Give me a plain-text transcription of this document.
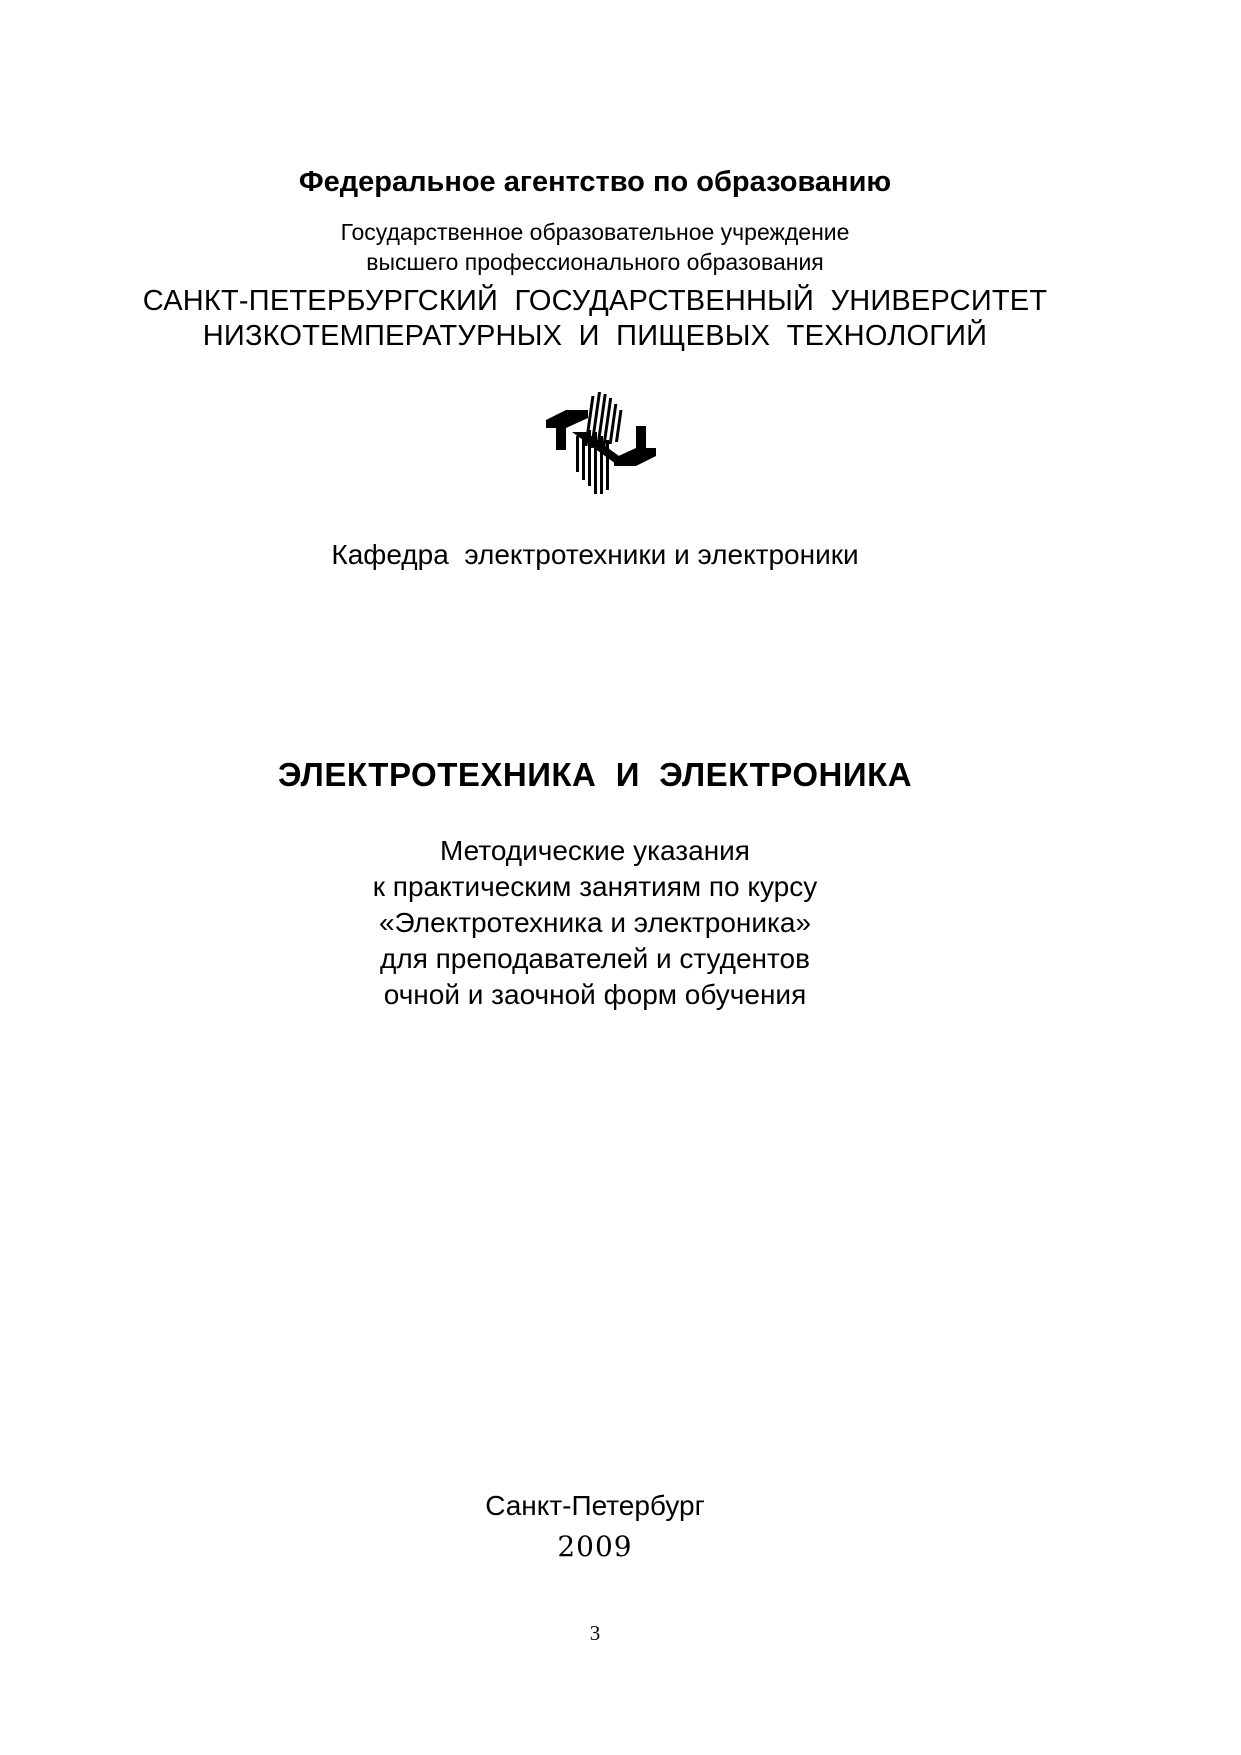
Федеральное агентство по образованию
Государственное образовательное учреждение
высшего профессионального образования
САНКТ-ПЕТЕРБУРГСКИЙ  ГОСУДАРСТВЕННЫЙ  УНИВЕРСИТЕТ
НИЗКОТЕМПЕРАТУРНЫХ  И  ПИЩЕВЫХ  ТЕХНОЛОГИЙ
Кафедра  электротехники и электроники
ЭЛЕКТРОТЕХНИКА  И  ЭЛЕКТРОНИКА
Методические указания
к практическим занятиям по курсу
«Электротехника и электроника»
для преподавателей и студентов
очной и заочной форм обучения
Санкт-Петербург
2009
3
